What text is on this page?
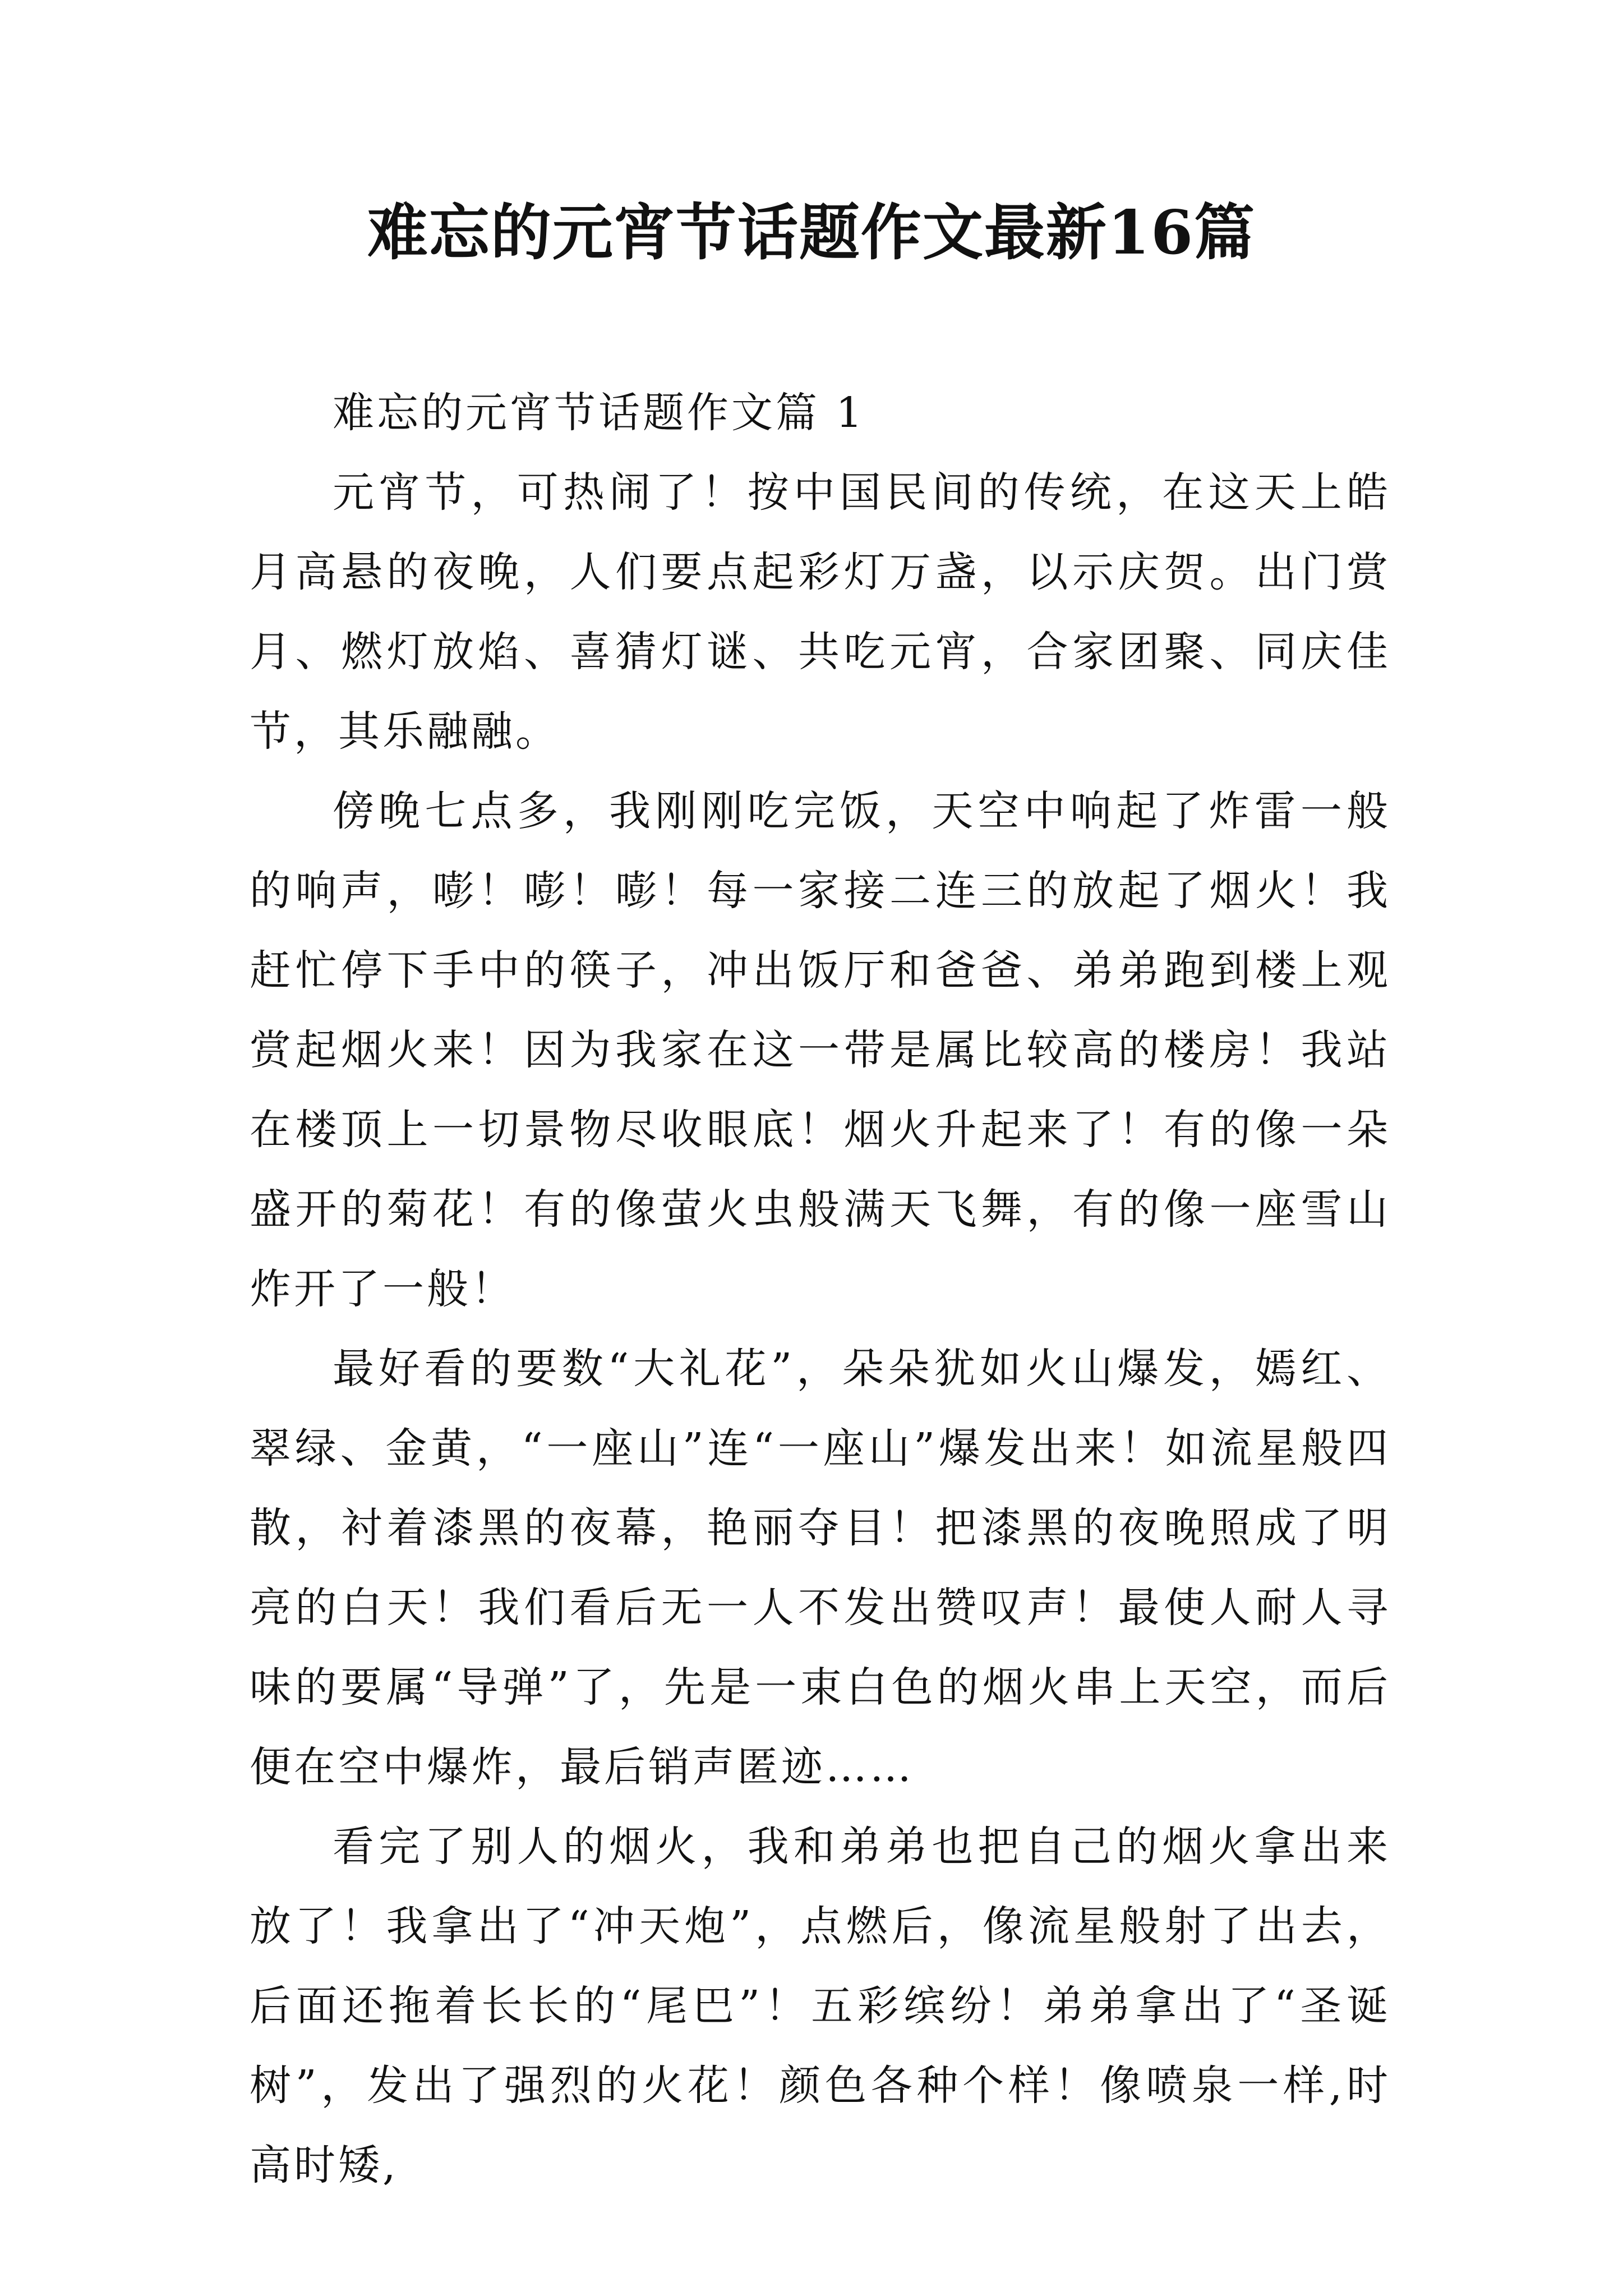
难忘的元宵节话题作文最新16篇

难忘的元宵节话题作文篇 1

元宵节，可热闹了！按中国民间的传统，在这天上皓月高悬的夜晚，人们要点起彩灯万盏，以示庆贺。出门赏月、燃灯放焰、喜猜灯谜、共吃元宵，合家团聚、同庆佳节，其乐融融。

傍晚七点多，我刚刚吃完饭，天空中响起了炸雷一般的响声，嘭！嘭！嘭！每一家接二连三的放起了烟火！我赶忙停下手中的筷子，冲出饭厅和爸爸、弟弟跑到楼上观赏起烟火来！因为我家在这一带是属比较高的楼房！我站在楼顶上一切景物尽收眼底！烟火升起来了！有的像一朵盛开的菊花！有的像萤火虫般满天飞舞，有的像一座雪山炸开了一般！

最好看的要数“大礼花”，朵朵犹如火山爆发，嫣红、翠绿、金黄，“一座山”连“一座山”爆发出来！如流星般四散，衬着漆黑的夜幕，艳丽夺目！把漆黑的夜晚照成了明亮的白天！我们看后无一人不发出赞叹声！最使人耐人寻味的要属“导弹”了，先是一束白色的烟火串上天空，而后便在空中爆炸，最后销声匿迹……

看完了别人的烟火，我和弟弟也把自己的烟火拿出来放了！我拿出了“冲天炮”，点燃后，像流星般射了出去，后面还拖着长长的“尾巴”！五彩缤纷！弟弟拿出了“圣诞树”，发出了强烈的火花！颜色各种个样！像喷泉一样,时高时矮,
